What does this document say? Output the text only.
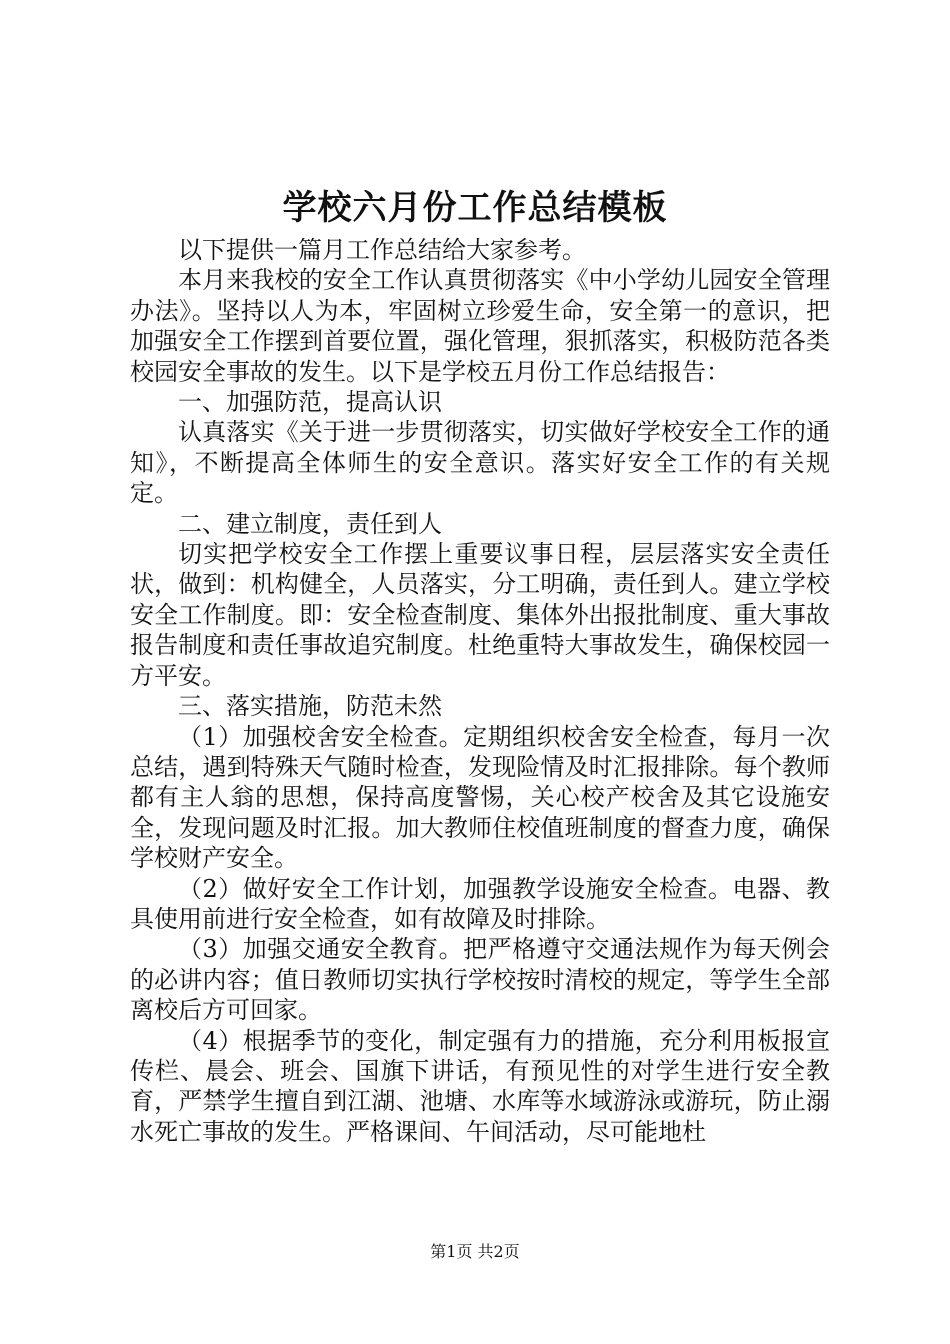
学校六月份工作总结模板

以下提供一篇月工作总结给大家参考。

本月来我校的安全工作认真贯彻落实《中小学幼儿园安全管理办法》。坚持以人为本，牢固树立珍爱生命，安全第一的意识，把加强安全工作摆到首要位置，强化管理，狠抓落实，积极防范各类校园安全事故的发生。以下是学校五月份工作总结报告：

一、加强防范，提高认识

认真落实《关于进一步贯彻落实，切实做好学校安全工作的通知》，不断提高全体师生的安全意识。落实好安全工作的有关规定。

二、建立制度，责任到人

切实把学校安全工作摆上重要议事日程，层层落实安全责任状，做到：机构健全，人员落实，分工明确，责任到人。建立学校安全工作制度。即：安全检查制度、集体外出报批制度、重大事故报告制度和责任事故追究制度。杜绝重特大事故发生，确保校园一方平安。

三、落实措施，防范未然

（1）加强校舍安全检查。定期组织校舍安全检查，每月一次总结，遇到特殊天气随时检查，发现险情及时汇报排除。每个教师都有主人翁的思想，保持高度警惕，关心校产校舍及其它设施安全，发现问题及时汇报。加大教师住校值班制度的督查力度，确保学校财产安全。

（2）做好安全工作计划，加强教学设施安全检查。电器、教具使用前进行安全检查，如有故障及时排除。

（3）加强交通安全教育。把严格遵守交通法规作为每天例会的必讲内容；值日教师切实执行学校按时清校的规定，等学生全部离校后方可回家。

（4）根据季节的变化，制定强有力的措施，充分利用板报宣传栏、晨会、班会、国旗下讲话，有预见性的对学生进行安全教育，严禁学生擅自到江湖、池塘、水库等水域游泳或游玩，防止溺水死亡事故的发生。严格课间、午间活动，尽可能地杜

第1页 共2页
